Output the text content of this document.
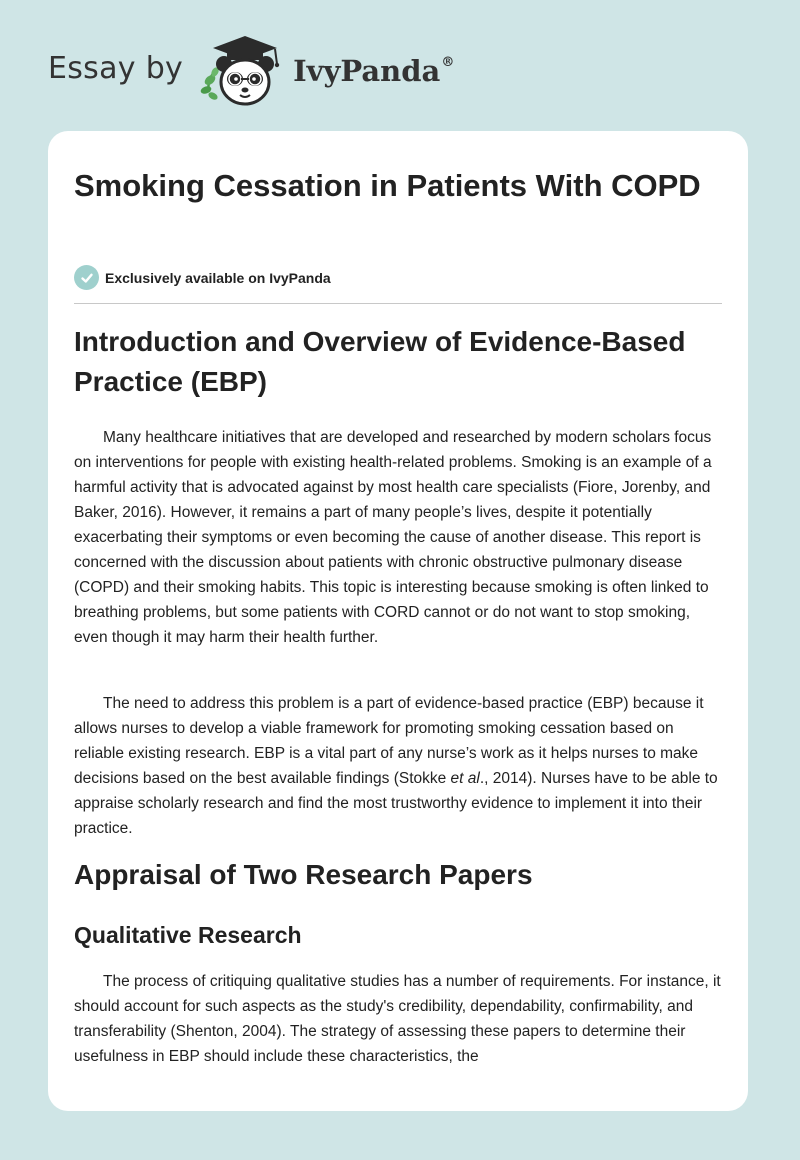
Essay by	IvyPanda®
Smoking Cessation in Patients With COPD
Exclusively available on IvyPanda
Introduction and Overview of Evidence-Based Practice (EBP)

Many healthcare initiatives that are developed and researched by modern scholars focus on interventions for people with existing health-related problems. Smoking is an example of a harmful activity that is advocated against by most health care specialists (Fiore, Jorenby, and Baker, 2016). However, it remains a part of many people’s lives, despite it potentially exacerbating their symptoms or even becoming the cause of another disease. This report is concerned with the discussion about patients with chronic obstructive pulmonary disease (COPD) and their smoking habits. This topic is interesting because smoking is often linked to breathing problems, but some patients with CORD cannot or do not want to stop smoking, even though it may harm their health further.

The need to address this problem is a part of evidence-based practice (EBP) because it allows nurses to develop a viable framework for promoting smoking cessation based on reliable existing research. EBP is a vital part of any nurse’s work as it helps nurses to make decisions based on the best available findings (Stokke et al., 2014). Nurses have to be able to appraise scholarly research and find the most trustworthy evidence to implement it into their practice.

Appraisal of Two Research Papers
Qualitative Research

The process of critiquing qualitative studies has a number of requirements. For instance, it should account for such aspects as the study's credibility, dependability, confirmability, and transferability (Shenton, 2004). The strategy of assessing these papers to determine their usefulness in EBP should include these characteristics, the
